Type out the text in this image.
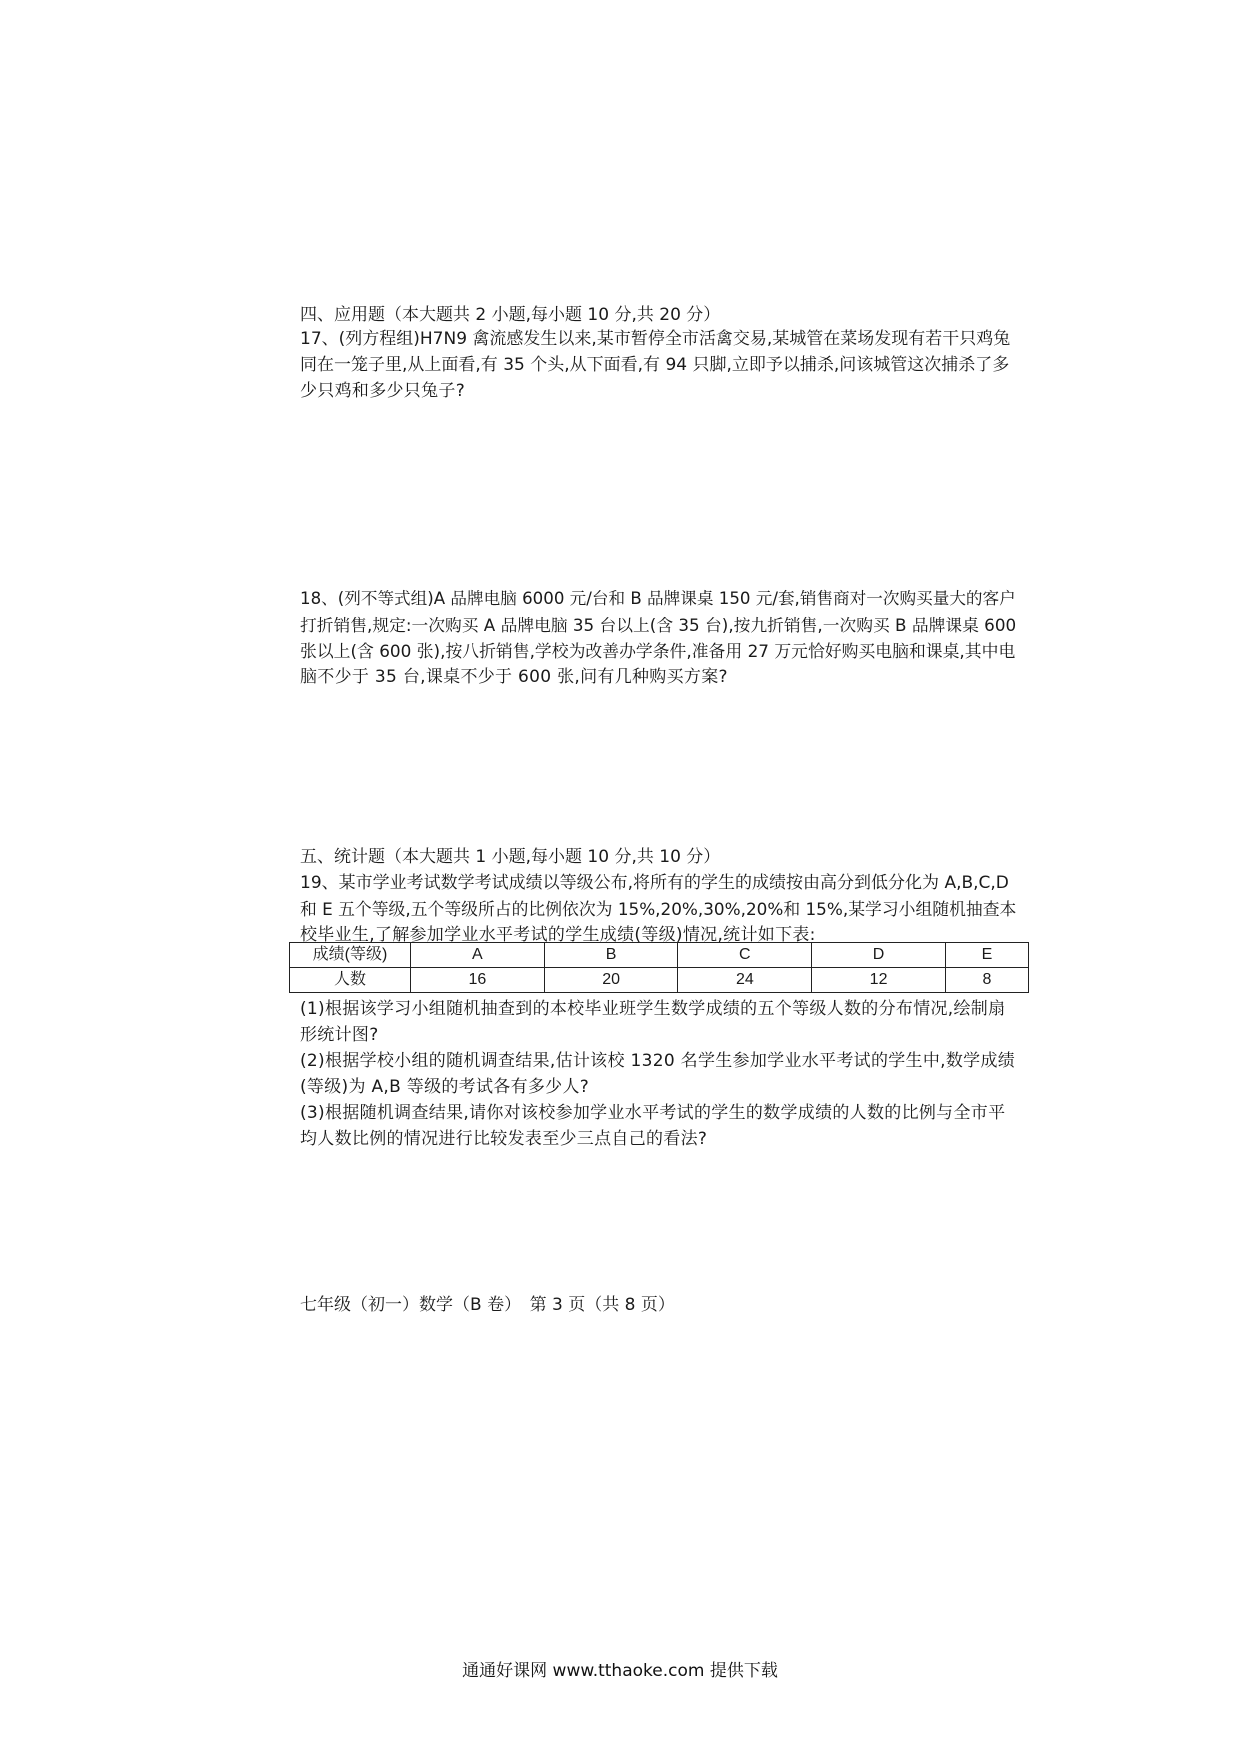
四、应用题（本大题共 2 小题,每小题 10 分,共 20 分）
17、(列方程组)H7N9 禽流感发生以来,某市暂停全市活禽交易,某城管在菜场发现有若干只鸡兔
同在一笼子里,从上面看,有 35 个头,从下面看,有 94 只脚,立即予以捕杀,问该城管这次捕杀了多
少只鸡和多少只兔子?
18、(列不等式组)A 品牌电脑 6000 元/台和 B 品牌课桌 150 元/套,销售商对一次购买量大的客户
打折销售,规定:一次购买 A 品牌电脑 35 台以上(含 35 台),按九折销售,一次购买 B 品牌课桌 600
张以上(含 600 张),按八折销售,学校为改善办学条件,准备用 27 万元恰好购买电脑和课桌,其中电
脑不少于 35 台,课桌不少于 600 张,问有几种购买方案?
五、统计题（本大题共 1 小题,每小题 10 分,共 10 分）
19、某市学业考试数学考试成绩以等级公布,将所有的学生的成绩按由高分到低分化为 A,B,C,D
和 E 五个等级,五个等级所占的比例依次为 15%,20%,30%,20%和 15%,某学习小组随机抽查本
校毕业生,了解参加学业水平考试的学生成绩(等级)情况,统计如下表:
成绩(等级)	A	B	C	D	E
人数	16	20	24	12	8
(1)根据该学习小组随机抽查到的本校毕业班学生数学成绩的五个等级人数的分布情况,绘制扇
形统计图?
(2)根据学校小组的随机调查结果,估计该校 1320 名学生参加学业水平考试的学生中,数学成绩
(等级)为 A,B 等级的考试各有多少人?
(3)根据随机调查结果,请你对该校参加学业水平考试的学生的数学成绩的人数的比例与全市平
均人数比例的情况进行比较发表至少三点自己的看法?
七年级（初一）数学（B 卷）　第 3 页（共 8 页）
通通好课网 www.tthaoke.com 提供下载
